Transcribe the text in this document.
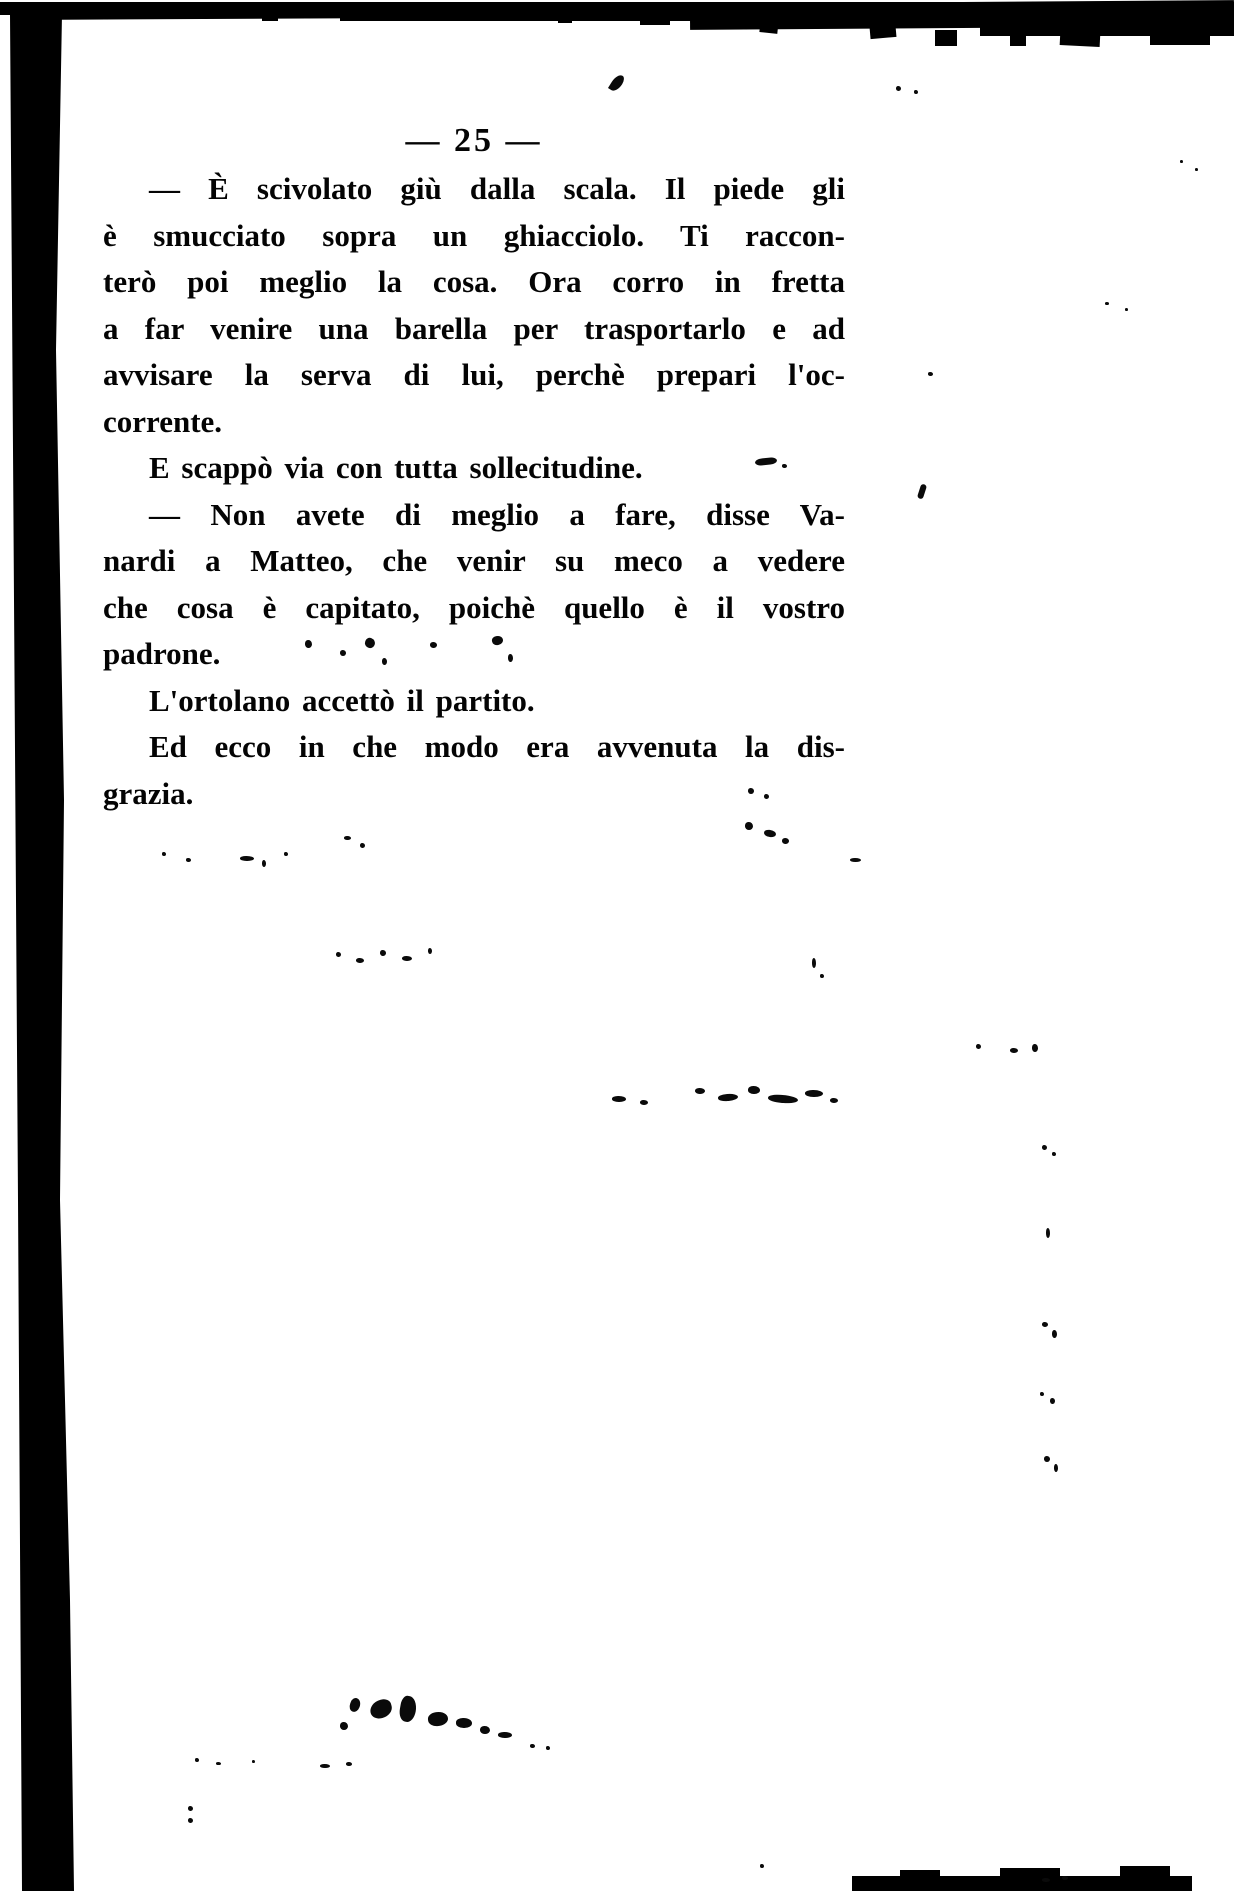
— 25 —

— È scivolato giù dalla scala. Il piede gli
è smucciato sopra un ghiacciolo. Ti raccon-
terò poi meglio la cosa. Ora corro in fretta
a far venire una barella per trasportarlo e ad
avvisare la serva di lui, perchè prepari l'oc-
corrente.

E scappò via con tutta sollecitudine.

— Non avete di meglio a fare, disse Va-
nardi a Matteo, che venir su meco a vedere
che cosa è capitato, poichè quello è il vostro
padrone.

L'ortolano accettò il partito.

Ed ecco in che modo era avvenuta la dis-
grazia.
